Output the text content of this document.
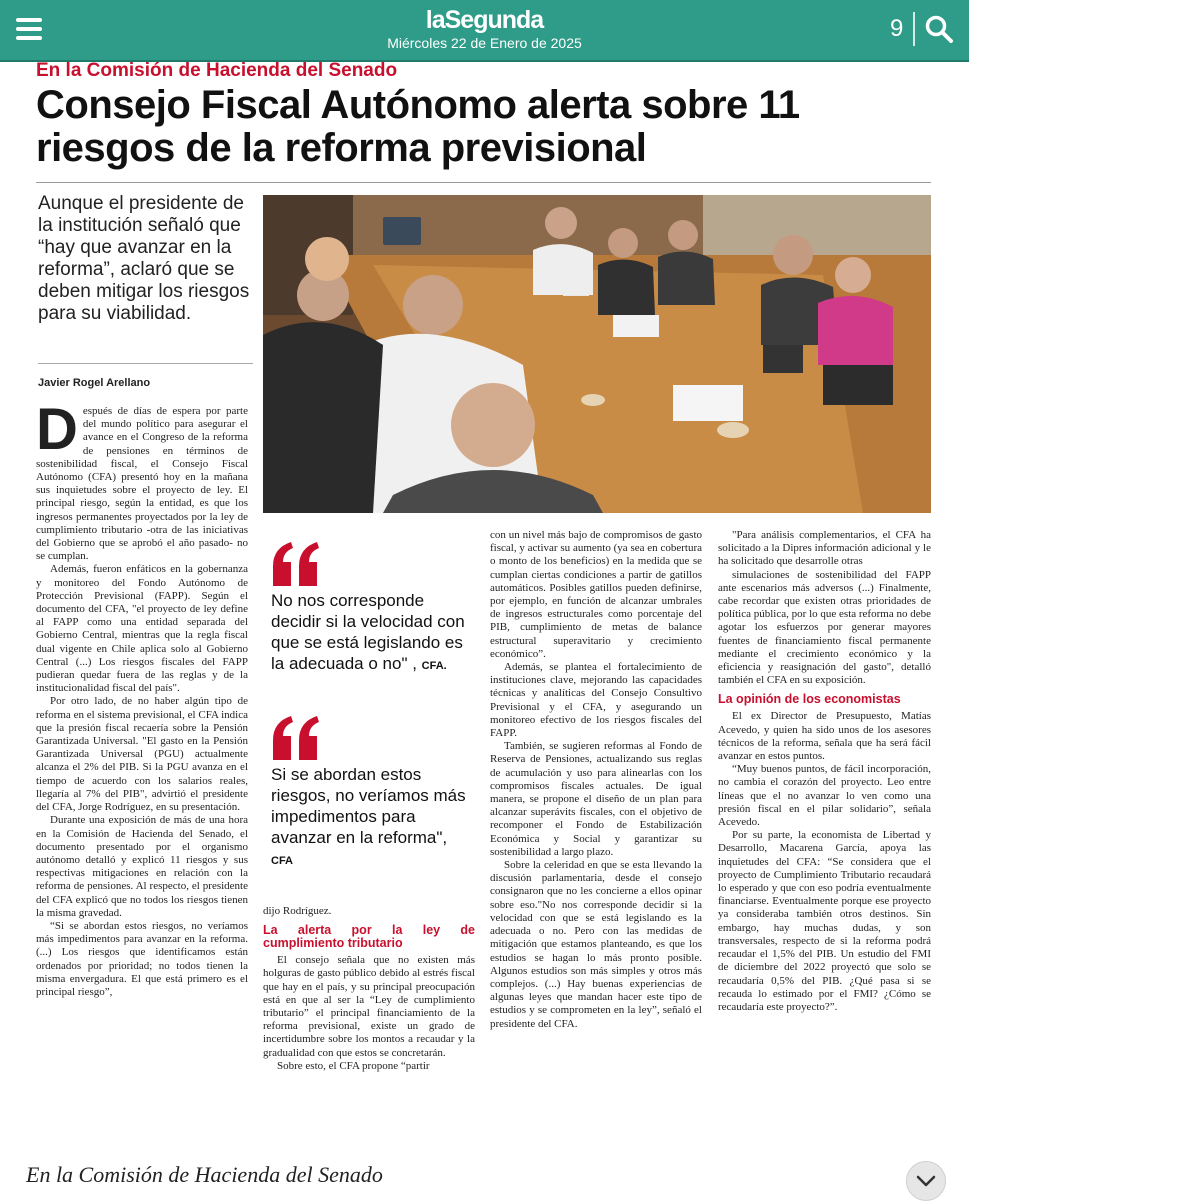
laSegunda
Miércoles 22 de Enero de 2025
9
En la Comisión de Hacienda del Senado
Consejo Fiscal Autónomo alerta sobre 11 riesgos de la reforma previsional
Aunque el presidente de la institución señaló que “hay que avanzar en la reforma”, aclaró que se deben mitigar los riesgos para su viabilidad.
Javier Rogel Arellano
Jorge Rodríguez, presidente del CFA, hoy en la Comisión de Hacienda del Senado.

Después de días de espera por parte del mundo político para asegurar el avance en el Congreso de la reforma de pensiones en términos de sostenibilidad fiscal, el Consejo Fiscal Autónomo (CFA) presentó hoy en la mañana sus inquietudes sobre el proyecto de ley. El principal riesgo, según la entidad, es que los ingresos permanentes proyectados por la ley de cumplimiento tributario -otra de las iniciativas del Gobierno que se aprobó el año pasado- no se cumplan.

Además, fueron enfáticos en la gobernanza y monitoreo del Fondo Autónomo de Protección Previsional (FAPP). Según el documento del CFA, "el proyecto de ley define al FAPP como una entidad separada del Gobierno Central, mientras que la regla fiscal dual vigente en Chile aplica solo al Gobierno Central (...) Los riesgos fiscales del FAPP pudieran quedar fuera de las reglas y de la institucionalidad fiscal del país".

Por otro lado, de no haber algún tipo de reforma en el sistema previsional, el CFA indica que la presión fiscal recaería sobre la Pensión Garantizada Universal. "El gasto en la Pensión Garantizada Universal (PGU) actualmente alcanza el 2% del PIB. Si la PGU avanza en el tiempo de acuerdo con los salarios reales, llegaría al 7% del PIB", advirtió el presidente del CFA, Jorge Rodríguez, en su presentación.

Durante una exposición de más de una hora en la Comisión de Hacienda del Senado, el documento presentado por el organismo autónomo detalló y explicó 11 riesgos y sus respectivas mitigaciones en relación con la reforma de pensiones. Al respecto, el presidente del CFA explicó que no todos los riesgos tienen la misma gravedad.

“Si se abordan estos riesgos, no veríamos más impedimentos para avanzar en la reforma. (...) Los riesgos que identificamos están ordenados por prioridad; no todos tienen la misma envergadura. El que está primero es el principal riesgo”,

No nos corresponde decidir si la velocidad con que se está legislando es la adecuada o no" , CFA.
Si se abordan estos riesgos, no veríamos más impedimentos para avanzar en la reforma", CFA

dijo Rodríguez.

La alerta por la ley de cumplimiento tributario

El consejo señala que no existen más holguras de gasto público debido al estrés fiscal que hay en el país, y su principal preocupación está en que al ser la “Ley de cumplimiento tributario” el principal financiamiento de la reforma previsional, existe un grado de incertidumbre sobre los montos a recaudar y la gradualidad con que estos se concretarán.

Sobre esto, el CFA propone “partir

con un nivel más bajo de compromisos de gasto fiscal, y activar su aumento (ya sea en cobertura o monto de los beneficios) en la medida que se cumplan ciertas condiciones a partir de gatillos automáticos. Posibles gatillos pueden definirse, por ejemplo, en función de alcanzar umbrales de ingresos estructurales como porcentaje del PIB, cumplimiento de metas de balance estructural superavitario y crecimiento económico”.

Además, se plantea el fortalecimiento de instituciones clave, mejorando las capacidades técnicas y analíticas del Consejo Consultivo Previsional y el CFA, y asegurando un monitoreo efectivo de los riesgos fiscales del FAPP.

También, se sugieren reformas al Fondo de Reserva de Pensiones, actualizando sus reglas de acumulación y uso para alinearlas con los compromisos fiscales actuales. De igual manera, se propone el diseño de un plan para alcanzar superávits fiscales, con el objetivo de recomponer el Fondo de Estabilización Económica y Social y garantizar su sostenibilidad a largo plazo.

Sobre la celeridad en que se esta llevando la discusión parlamentaria, desde el consejo consignaron que no les concierne a ellos opinar sobre eso."No nos corresponde decidir si la velocidad con que se está legislando es la adecuada o no. Pero con las medidas de mitigación que estamos planteando, es que los estudios se hagan lo más pronto posible. Algunos estudios son más simples y otros más complejos. (...) Hay buenas experiencias de algunas leyes que mandan hacer este tipo de estudios y se comprometen en la ley”, señaló el presidente del CFA.

"Para análisis complementarios, el CFA ha solicitado a la Dipres información adicional y le ha solicitado que desarrolle otras

simulaciones de sostenibilidad del FAPP ante escenarios más adversos (...) Finalmente, cabe recordar que existen otras prioridades de política pública, por lo que esta reforma no debe agotar los esfuerzos por generar mayores fuentes de financiamiento fiscal permanente mediante el crecimiento económico y la eficiencia y reasignación del gasto", detalló también el CFA en su exposición.

La opinión de los economistas

El ex Director de Presupuesto, Matías Acevedo, y quien ha sido unos de los asesores técnicos de la reforma, señala que ha será fácil avanzar en estos puntos.

“Muy buenos puntos, de fácil incorporación, no cambia el corazón del proyecto. Leo entre líneas que el no avanzar lo ven como una presión fiscal en el pilar solidario”, señala Acevedo.

Por su parte, la economista de Libertad y Desarrollo, Macarena García, apoya las inquietudes del CFA: “Se considera que el proyecto de Cumplimiento Tributario recaudará lo esperado y que con eso podría eventualmente financiarse. Eventualmente porque ese proyecto ya consideraba también otros destinos. Sin embargo, hay muchas dudas, y son transversales, respecto de si la reforma podrá recaudar el 1,5% del PIB. Un estudio del FMI de diciembre del 2022 proyectó que solo se recaudaría 0,5% del PIB. ¿Qué pasa si se recauda lo estimado por el FMI? ¿Cómo se recaudaría este proyecto?”.

En la Comisión de Hacienda del Senado
